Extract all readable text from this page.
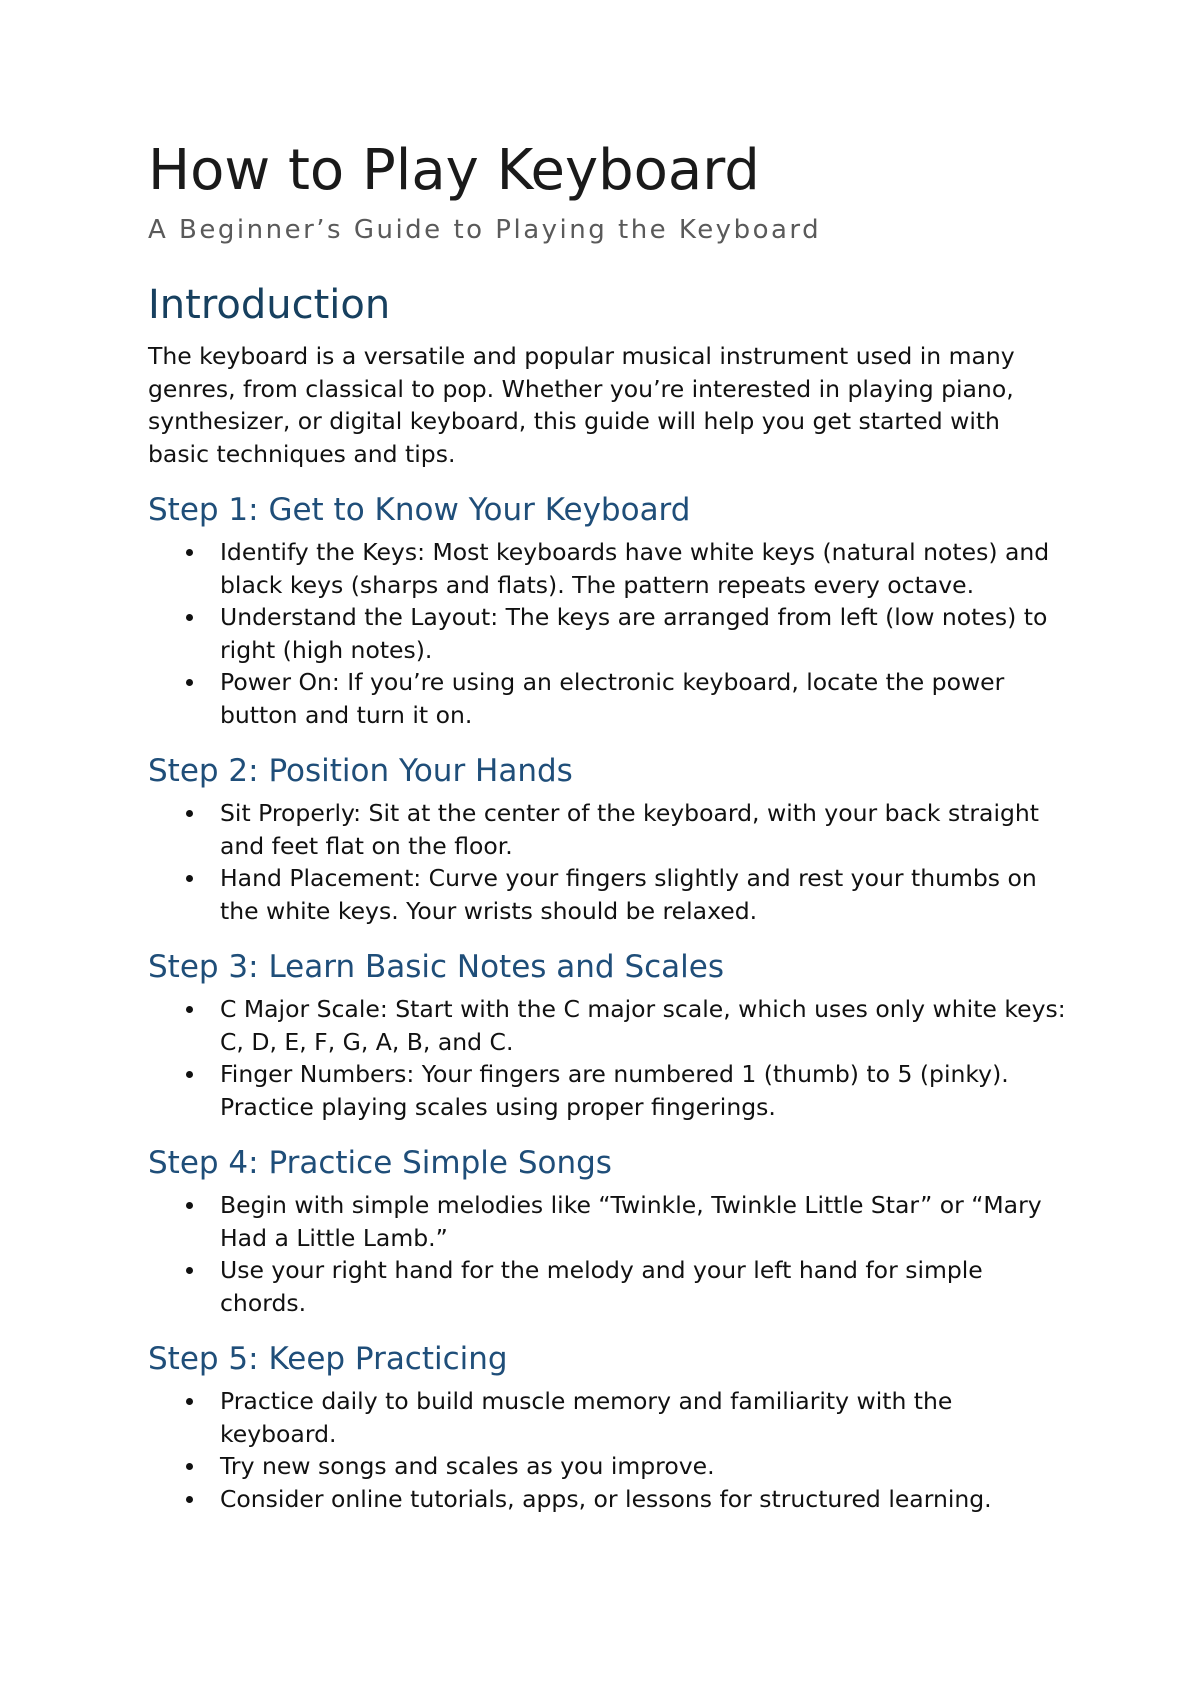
How to Play Keyboard
A Beginner’s Guide to Playing the Keyboard
Introduction

The keyboard is a versatile and popular musical instrument used in many genres, from classical to pop. Whether you’re interested in playing piano, synthesizer, or digital keyboard, this guide will help you get started with basic techniques and tips.

Step 1: Get to Know Your Keyboard
Identify the Keys: Most keyboards have white keys (natural notes) and black keys (sharps and flats). The pattern repeats every octave.
Understand the Layout: The keys are arranged from left (low notes) to right (high notes).
Power On: If you’re using an electronic keyboard, locate the power button and turn it on.
Step 2: Position Your Hands
Sit Properly: Sit at the center of the keyboard, with your back straight and feet flat on the floor.
Hand Placement: Curve your fingers slightly and rest your thumbs on the white keys. Your wrists should be relaxed.
Step 3: Learn Basic Notes and Scales
C Major Scale: Start with the C major scale, which uses only white keys: C, D, E, F, G, A, B, and C.
Finger Numbers: Your fingers are numbered 1 (thumb) to 5 (pinky). Practice playing scales using proper fingerings.
Step 4: Practice Simple Songs
Begin with simple melodies like “Twinkle, Twinkle Little Star” or “Mary Had a Little Lamb.”
Use your right hand for the melody and your left hand for simple chords.
Step 5: Keep Practicing
Practice daily to build muscle memory and familiarity with the keyboard.
Try new songs and scales as you improve.
Consider online tutorials, apps, or lessons for structured learning.
